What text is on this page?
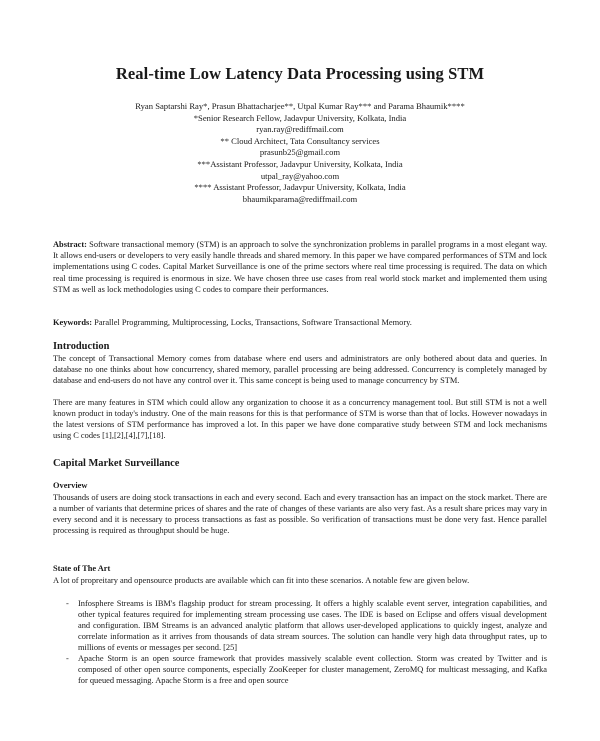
Real-time Low Latency Data Processing using STM
Ryan Saptarshi Ray*, Prasun Bhattacharjee**, Utpal Kumar Ray*** and Parama Bhaumik****
*Senior Research Fellow, Jadavpur University, Kolkata, India
ryan.ray@rediffmail.com
** Cloud Architect, Tata Consultancy services
prasunb25@gmail.com
***Assistant Professor, Jadavpur University, Kolkata, India
utpal_ray@yahoo.com
**** Assistant Professor, Jadavpur University, Kolkata, India
bhaumikparama@rediffmail.com
Abstract: Software transactional memory (STM) is an approach to solve the synchronization problems in parallel programs in a most elegant way. It allows end-users or developers to very easily handle threads and shared memory. In this paper we have compared performances of STM and lock implementations using C codes. Capital Market Surveillance is one of the prime sectors where real time processing is required. The data on which real time processing is required is enormous in size. We have chosen three use cases from real world stock market and implemented them using STM as well as lock methodologies using C codes to compare their performances.
Keywords: Parallel Programming, Multiprocessing, Locks, Transactions, Software Transactional Memory.
Introduction

The concept of Transactional Memory comes from database where end users and administrators are only bothered about data and queries. In database no one thinks about how concurrency, shared memory, parallel processing are being addressed. Concurrency is completely managed by database and end-users do not have any control over it. This same concept is being used to manage concurrency by STM.

There are many features in STM which could allow any organization to choose it as a concurrency management tool. But still STM is not a well known product in today's industry. One of the main reasons for this is that performance of STM is worse than that of locks. However nowadays in the latest versions of STM performance has improved a lot. In this paper we have done comparative study between STM and lock mechanisms using C codes [1],[2],[4],[7],[18].

Capital Market Surveillance
Overview

Thousands of users are doing stock transactions in each and every second. Each and every transaction has an impact on the stock market. There are a number of variants that determine prices of shares and the rate of changes of these variants are also very fast. As a result share prices may vary in every second and it is necessary to process transactions as fast as possible. So verification of transactions must be done very fast. Hence parallel processing is required as throughput should be huge.

State of The Art

A lot of propreitary and opensource products are available which can fit into these scenarios. A notable few are given below.

- Infosphere Streams is IBM's flagship product for stream processing. It offers a highly scalable event server, integration capabilities, and other typical features required for implementing stream processing use cases. The IDE is based on Eclipse and offers visual development and configuration. IBM Streams is an advanced analytic platform that allows user-developed applications to quickly ingest, analyze and correlate information as it arrives from thousands of data stream sources. The solution can handle very high data throughput rates, up to millions of events or messages per second. [25]
- Apache Storm is an open source framework that provides massively scalable event collection. Storm was created by Twitter and is composed of other open source components, especially ZooKeeper for cluster management, ZeroMQ for multicast messaging, and Kafka for queued messaging. Apache Storm is a free and open source
